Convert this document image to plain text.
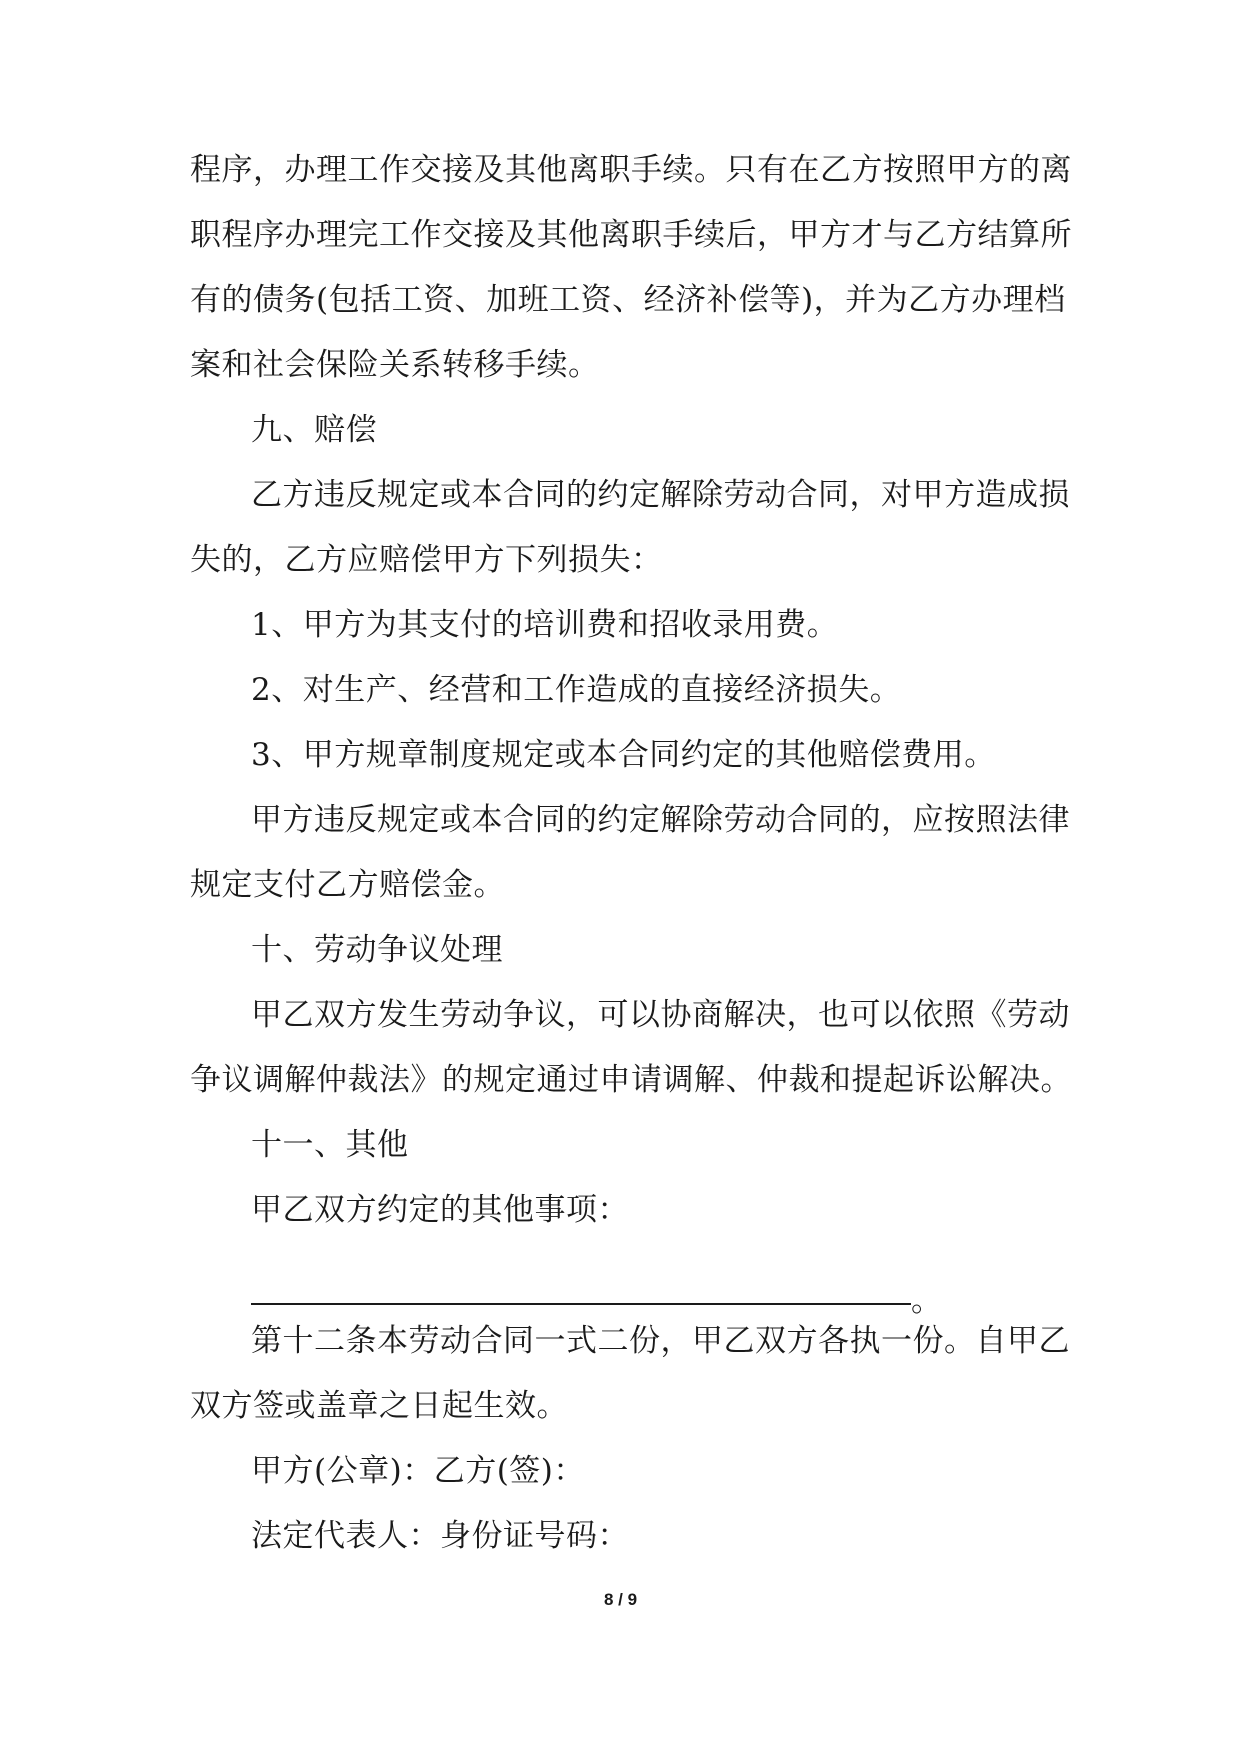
程序，办理工作交接及其他离职手续。只有在乙方按照甲方的离
职程序办理完工作交接及其他离职手续后，甲方才与乙方结算所
有的债务(包括工资、加班工资、经济补偿等)，并为乙方办理档
案和社会保险关系转移手续。
九、赔偿
乙方违反规定或本合同的约定解除劳动合同，对甲方造成损
失的，乙方应赔偿甲方下列损失：
1、甲方为其支付的培训费和招收录用费。
2、对生产、经营和工作造成的直接经济损失。
3、甲方规章制度规定或本合同约定的其他赔偿费用。
甲方违反规定或本合同的约定解除劳动合同的，应按照法律
规定支付乙方赔偿金。
十、劳动争议处理
甲乙双方发生劳动争议，可以协商解决，也可以依照《劳动
争议调解仲裁法》的规定通过申请调解、仲裁和提起诉讼解决。
十一、其他
甲乙双方约定的其他事项：
。
第十二条本劳动合同一式二份，甲乙双方各执一份。自甲乙
双方签或盖章之日起生效。
甲方(公章)：乙方(签)：
法定代表人：身份证号码：
8 / 9
